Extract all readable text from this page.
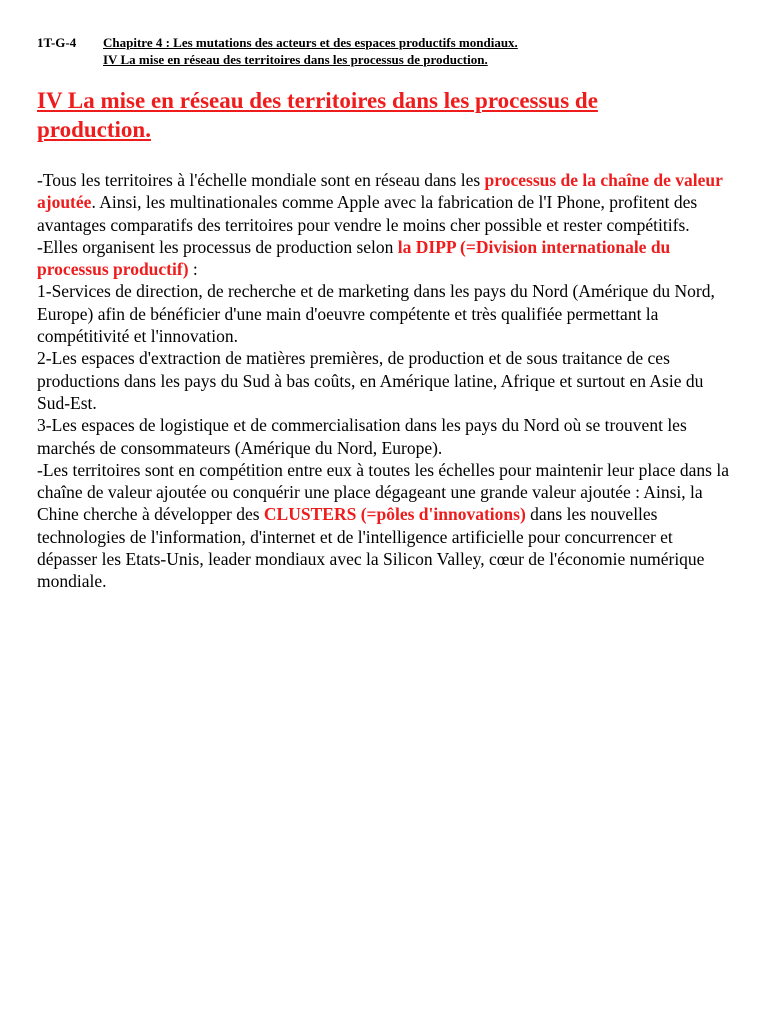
1T-G-4 Chapitre 4 : Les mutations des acteurs et des espaces productifs mondiaux.
IV La mise en réseau des territoires dans les processus de production.
IV La mise en réseau des territoires dans les processus de production.

-Tous les territoires à l'échelle mondiale sont en réseau dans les processus de la chaîne de valeur ajoutée. Ainsi, les multinationales comme Apple avec la fabrication de l'I Phone, profitent des avantages comparatifs des territoires pour vendre le moins cher possible et rester compétitifs.

-Elles organisent les processus de production selon la DIPP (=Division internationale du processus productif) :

1-Services de direction, de recherche et de marketing dans les pays du Nord (Amérique du Nord, Europe) afin de bénéficier d'une main d'oeuvre compétente et très qualifiée permettant la compétitivité et l'innovation.

2-Les espaces d'extraction de matières premières, de production et de sous traitance de ces productions dans les pays du Sud à bas coûts, en Amérique latine, Afrique et surtout en Asie du Sud-Est.

3-Les espaces de logistique et de commercialisation dans les pays du Nord où se trouvent les marchés de consommateurs (Amérique du Nord, Europe).

-Les territoires sont en compétition entre eux à toutes les échelles pour maintenir leur place dans la chaîne de valeur ajoutée ou conquérir une place dégageant une grande valeur ajoutée : Ainsi, la Chine cherche à développer des CLUSTERS (=pôles d'innovations) dans les nouvelles technologies de l'information, d'internet et de l'intelligence artificielle pour concurrencer et dépasser les Etats-Unis, leader mondiaux avec la Silicon Valley, cœur de l'économie numérique mondiale.
